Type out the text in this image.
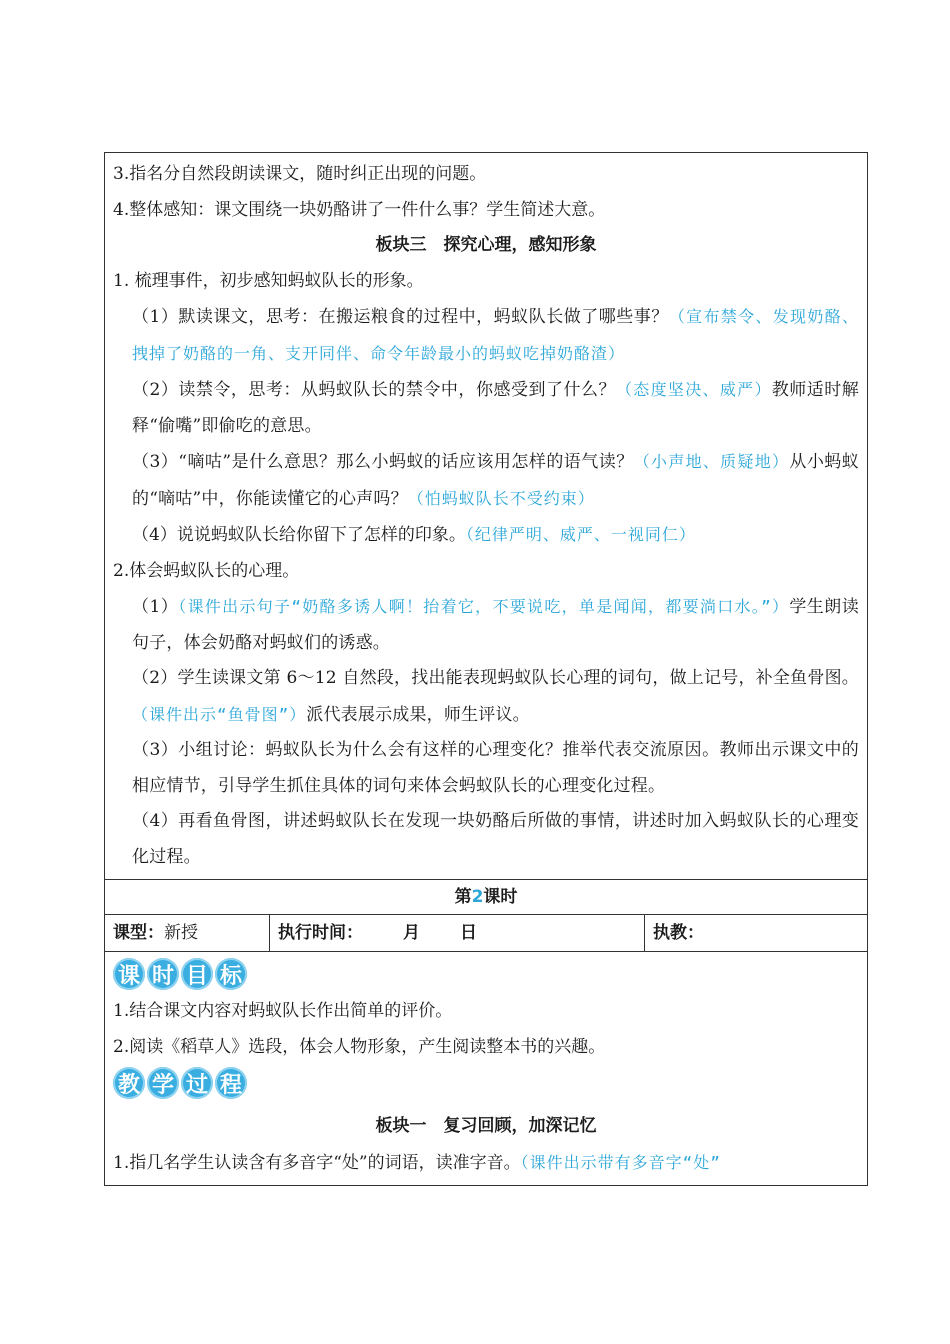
3.指名分自然段朗读课文，随时纠正出现的问题。
4.整体感知：课文围绕一块奶酪讲了一件什么事？学生简述大意。
板块三　探究心理，感知形象
1. 梳理事件，初步感知蚂蚁队长的形象。
（1）默读课文，思考：在搬运粮食的过程中，蚂蚁队长做了哪些事？（宣布禁令、发现奶酪、拽掉了奶酪的一角、支开同伴、命令年龄最小的蚂蚁吃掉奶酪渣）
（2）读禁令，思考：从蚂蚁队长的禁令中，你感受到了什么？（态度坚决、威严）教师适时解释“偷嘴”即偷吃的意思。
（3）“嘀咕”是什么意思？那么小蚂蚁的话应该用怎样的语气读？（小声地、质疑地）从小蚂蚁的“嘀咕”中，你能读懂它的心声吗？（怕蚂蚁队长不受约束）
（4）说说蚂蚁队长给你留下了怎样的印象。（纪律严明、威严、一视同仁）
2.体会蚂蚁队长的心理。
（1）（课件出示句子“奶酪多诱人啊！抬着它，不要说吃，单是闻闻，都要淌口水。”）学生朗读句子，体会奶酪对蚂蚁们的诱惑。
（2）学生读课文第 6～12 自然段，找出能表现蚂蚁队长心理的词句，做上记号，补全鱼骨图。（课件出示“鱼骨图”）派代表展示成果，师生评议。
（3）小组讨论：蚂蚁队长为什么会有这样的心理变化？推举代表交流原因。教师出示课文中的相应情节，引导学生抓住具体的词句来体会蚂蚁队长的心理变化过程。
（4）再看鱼骨图，讲述蚂蚁队长在发现一块奶酪后所做的事情，讲述时加入蚂蚁队长的心理变化过程。
第2课时
课型：新授	执行时间： 月 日	执教：
课 时 目 标
1.结合课文内容对蚂蚁队长作出简单的评价。
2.阅读《稻草人》选段，体会人物形象，产生阅读整本书的兴趣。
教 学 过 程
板块一　复习回顾，加深记忆
1.指几名学生认读含有多音字“处”的词语，读准字音。（课件出示带有多音字“处”
